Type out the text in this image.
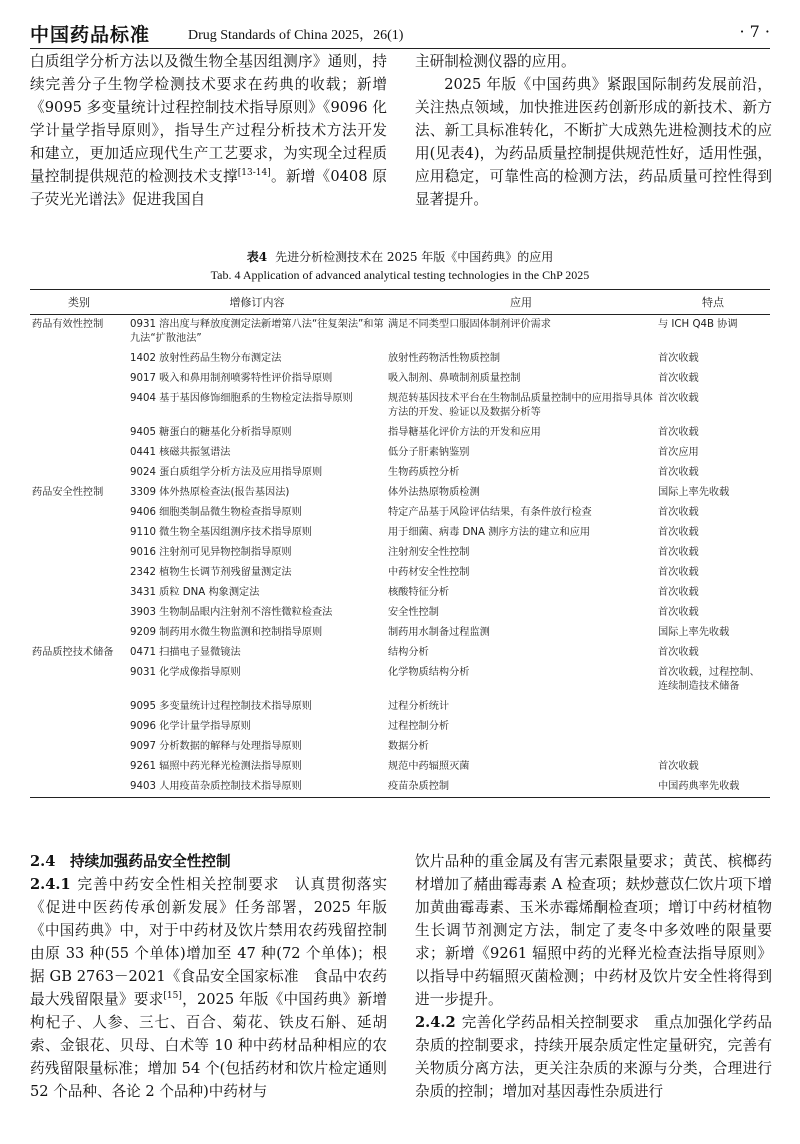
中国药品标准	Drug Standards of China 2025，26(1)	· 7 ·

白质组学分析方法以及微生物全基因组测序》通则，持续完善分子生物学检测技术要求在药典的收载；新增《9095 多变量统计过程控制技术指导原则》《9096 化学计量学指导原则》，指导生产过程分析技术方法开发和建立，更加适应现代生产工艺要求，为实现全过程质量控制提供规范的检测技术支撑[13-14]。新增《0408 原子荧光光谱法》促进我国自

主研制检测仪器的应用。

2025 年版《中国药典》紧跟国际制药发展前沿，关注热点领域，加快推进医药创新形成的新技术、新方法、新工具标准转化，不断扩大成熟先进检测技术的应用(见表4)，为药品质量控制提供规范性好，适用性强，应用稳定，可靠性高的检测方法，药品质量可控性得到显著提升。

表4 先进分析检测技术在 2025 年版《中国药典》的应用
Tab. 4 Application of advanced analytical testing technologies in the ChP 2025
类别	增修订内容	应用	特点
药品有效性控制	0931 溶出度与释放度测定法新增第八法“往复架法”和第九法“扩散池法”	满足不同类型口服固体制剂评价需求	与 ICH Q4B 协调
	1402 放射性药品生物分布测定法	放射性药物活性物质控制	首次收载
	9017 吸入和鼻用制剂喷雾特性评价指导原则	吸入制剂、鼻喷制剂质量控制	首次收载
	9404 基于基因修饰细胞系的生物检定法指导原则	规范转基因技术平台在生物制品质量控制中的应用指导具体方法的开发、验证以及数据分析等	首次收载
	9405 糖蛋白的糖基化分析指导原则	指导糖基化评价方法的开发和应用	首次收载
	0441 核磁共振氢谱法	低分子肝素钠鉴别	首次应用
	9024 蛋白质组学分析方法及应用指导原则	生物药质控分析	首次收载
药品安全性控制	3309 体外热原检查法(报告基因法)	体外法热原物质检测	国际上率先收载
	9406 细胞类制品微生物检查指导原则	特定产品基于风险评估结果，有条件放行检查	首次收载
	9110 微生物全基因组测序技术指导原则	用于细菌、病毒 DNA 测序方法的建立和应用	首次收载
	9016 注射剂可见异物控制指导原则	注射剂安全性控制	首次收载
	2342 植物生长调节剂残留量测定法	中药材安全性控制	首次收载
	3431 质粒 DNA 构象测定法	核酸特征分析	首次收载
	3903 生物制品眼内注射剂不溶性微粒检查法	安全性控制	首次收载
	9209 制药用水微生物监测和控制指导原则	制药用水制备过程监测	国际上率先收载
药品质控技术储备	0471 扫描电子显微镜法	结构分析	首次收载
	9031 化学成像指导原则	化学物质结构分析	首次收载，过程控制、连续制造技术储备
	9095 多变量统计过程控制技术指导原则	过程分析统计	
	9096 化学计量学指导原则	过程控制分析	
	9097 分析数据的解释与处理指导原则	数据分析	
	9261 辐照中药光释光检测法指导原则	规范中药辐照灭菌	首次收载
	9403 人用疫苗杂质控制技术指导原则	疫苗杂质控制	中国药典率先收载

2.4　 持续加强药品安全性控制

2.4.1 完善中药安全性相关控制要求　 认真贯彻落实《促进中医药传承创新发展》任务部署，2025 年版《中国药典》中，对于中药材及饮片禁用农药残留控制由原 33 种(55 个单体)增加至 47 种(72 个单体)；根据 GB 2763－2021《食品安全国家标准　食品中农药最大残留限量》要求[15]，2025 年版《中国药典》新增枸杞子、人参、三七、百合、菊花、铁皮石斛、延胡索、金银花、贝母、白术等 10 种中药材品种相应的农药残留限量标准；增加 54 个(包括药材和饮片检定通则 52 个品种、各论 2 个品种)中药材与

饮片品种的重金属及有害元素限量要求；黄芪、槟榔药材增加了赭曲霉毒素 A 检查项；麸炒薏苡仁饮片项下增加黄曲霉毒素、玉米赤霉烯酮检查项；增订中药材植物生长调节剂测定方法，制定了麦冬中多效唑的限量要求；新增《9261 辐照中药的光释光检查法指导原则》以指导中药辐照灭菌检测；中药材及饮片安全性将得到进一步提升。

2.4.2 完善化学药品相关控制要求　 重点加强化学药品杂质的控制要求，持续开展杂质定性定量研究，完善有关物质分离方法，更关注杂质的来源与分类，合理进行杂质的控制；增加对基因毒性杂质进行
